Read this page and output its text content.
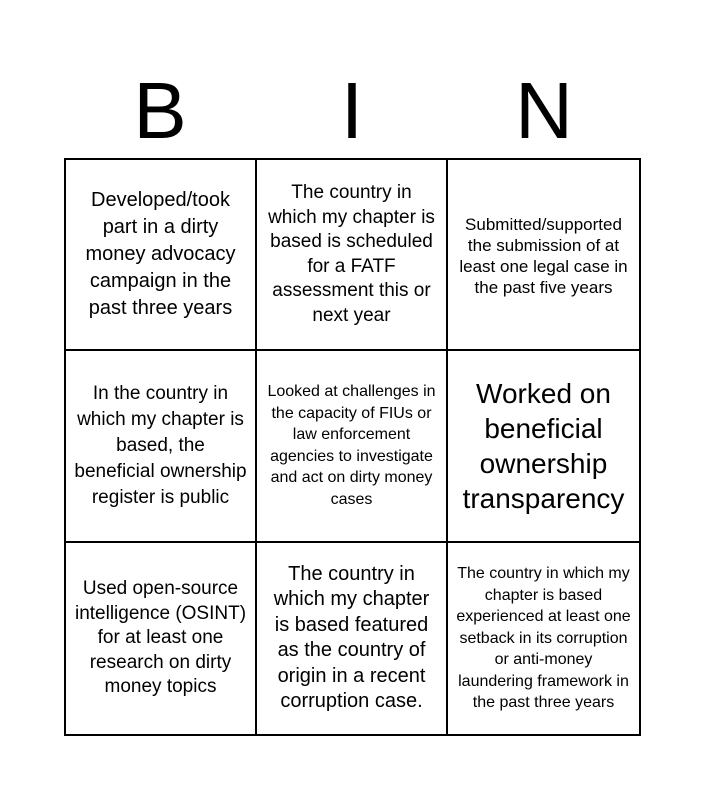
B	I	N
Developed/took part in a dirty money advocacy campaign in the past three years
The country in which my chapter is based is scheduled for a FATF assessment this or next year
Submitted/supported the submission of at least one legal case in the past five years
In the country in which my chapter is based, the beneficial ownership register is public
Looked at challenges in the capacity of FIUs or law enforcement agencies to investigate and act on dirty money cases
Worked on beneficial ownership transparency
Used open-source intelligence (OSINT) for at least one research on dirty money topics
The country in which my chapter is based featured as the country of origin in a recent corruption case.
The country in which my chapter is based experienced at least one setback in its corruption or anti-money laundering framework in the past three years
